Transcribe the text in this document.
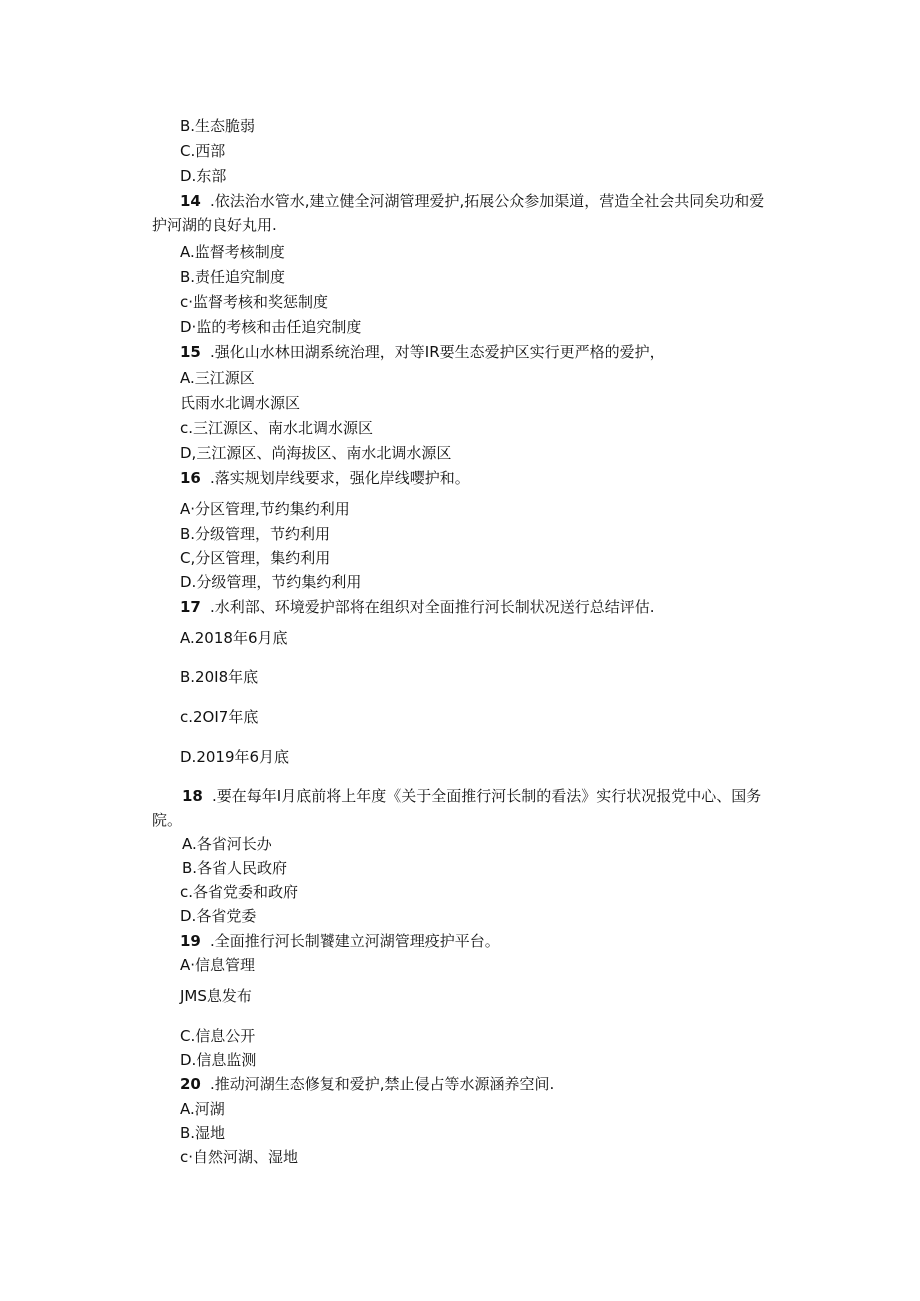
B.生态脆弱
C.西部
D.东部
14 .依法治水管水,建立健全河湖管理爱护,拓展公众参加渠道，营造全社会共同矣功和爱
护河湖的良好丸用.
A.监督考核制度
B.责任追究制度
c·监督考核和奖惩制度
D·监的考核和击任追究制度
15 .强化山水林田湖系统治理，对等IR要生态爱护区实行更严格的爱护，
A.三江源区
氏雨水北调水源区
c.三江源区、南水北调水源区
D,三江源区、尚海拔区、南水北调水源区
16 .落实规划岸线要求，强化岸线嘤护和。
A·分区管理,节约集约利用
B.分级管理，节约利用
C,分区管理，集约利用
D.分级管理，节约集约利用
17 .水利部、环境爱护部将在组织对全面推行河长制状况送行总结评估.
A.2018年6月底
B.20I8年底
c.2OI7年底
D.2019年6月底
18 .要在每年I月底前将上年度《关于全面推行河长制的看法》实行状况报党中心、国务
院。
A.各省河长办
B.各省人民政府
c.各省党委和政府
D.各省党委
19 .全面推行河长制饕建立河湖管理疫护平台。
A·信息管理
JMS息发布
C.信息公开
D.信息监测
20 .推动河湖生态修复和爱护,禁止侵占等水源涵养空间.
A.河湖
B.湿地
c·自然河湖、湿地
